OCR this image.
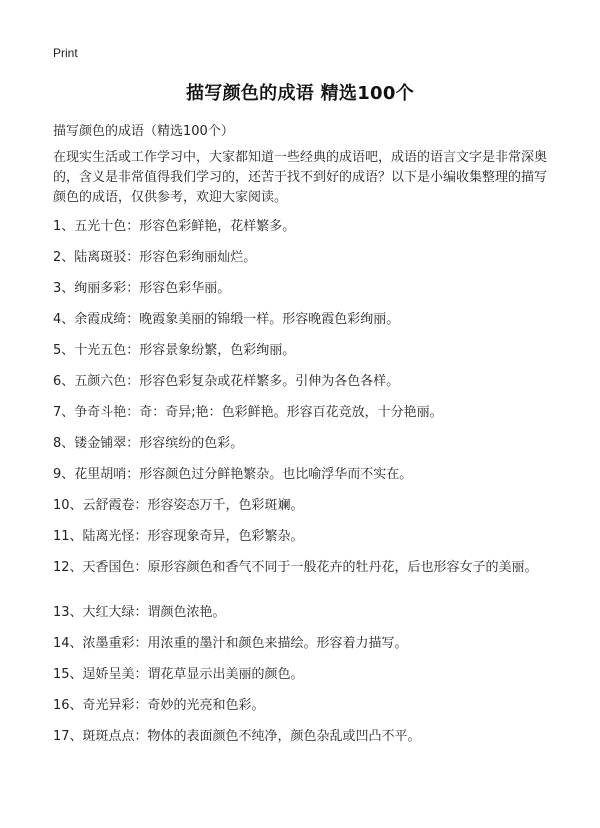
Print
描写颜色的成语 精选100个

描写颜色的成语（精选100个）

在现实生活或工作学习中，大家都知道一些经典的成语吧，成语的语言文字是非常深奥的，含义是非常值得我们学习的，还苦于找不到好的成语？以下是小编收集整理的描写颜色的成语，仅供参考，欢迎大家阅读。

1、五光十色：形容色彩鲜艳，花样繁多。
2、陆离斑驳：形容色彩绚丽灿烂。
3、绚丽多彩：形容色彩华丽。
4、余霞成绮：晚霞象美丽的锦缎一样。形容晚霞色彩绚丽。
5、十光五色：形容景象纷繁，色彩绚丽。
6、五颜六色：形容色彩复杂或花样繁多。引伸为各色各样。
7、争奇斗艳：奇：奇异;艳：色彩鲜艳。形容百花竞放，十分艳丽。
8、镂金铺翠：形容缤纷的色彩。
9、花里胡哨：形容颜色过分鲜艳繁杂。也比喻浮华而不实在。
10、云舒霞卷：形容姿态万千，色彩斑斓。
11、陆离光怪：形容现象奇异，色彩繁杂。
12、天香国色：原形容颜色和香气不同于一般花卉的牡丹花，后也形容女子的美丽。
13、大红大绿：谓颜色浓艳。
14、浓墨重彩：用浓重的墨汁和颜色来描绘。形容着力描写。
15、逞娇呈美：谓花草显示出美丽的颜色。
16、奇光异彩：奇妙的光亮和色彩。
17、斑斑点点：物体的表面颜色不纯净，颜色杂乱或凹凸不平。
